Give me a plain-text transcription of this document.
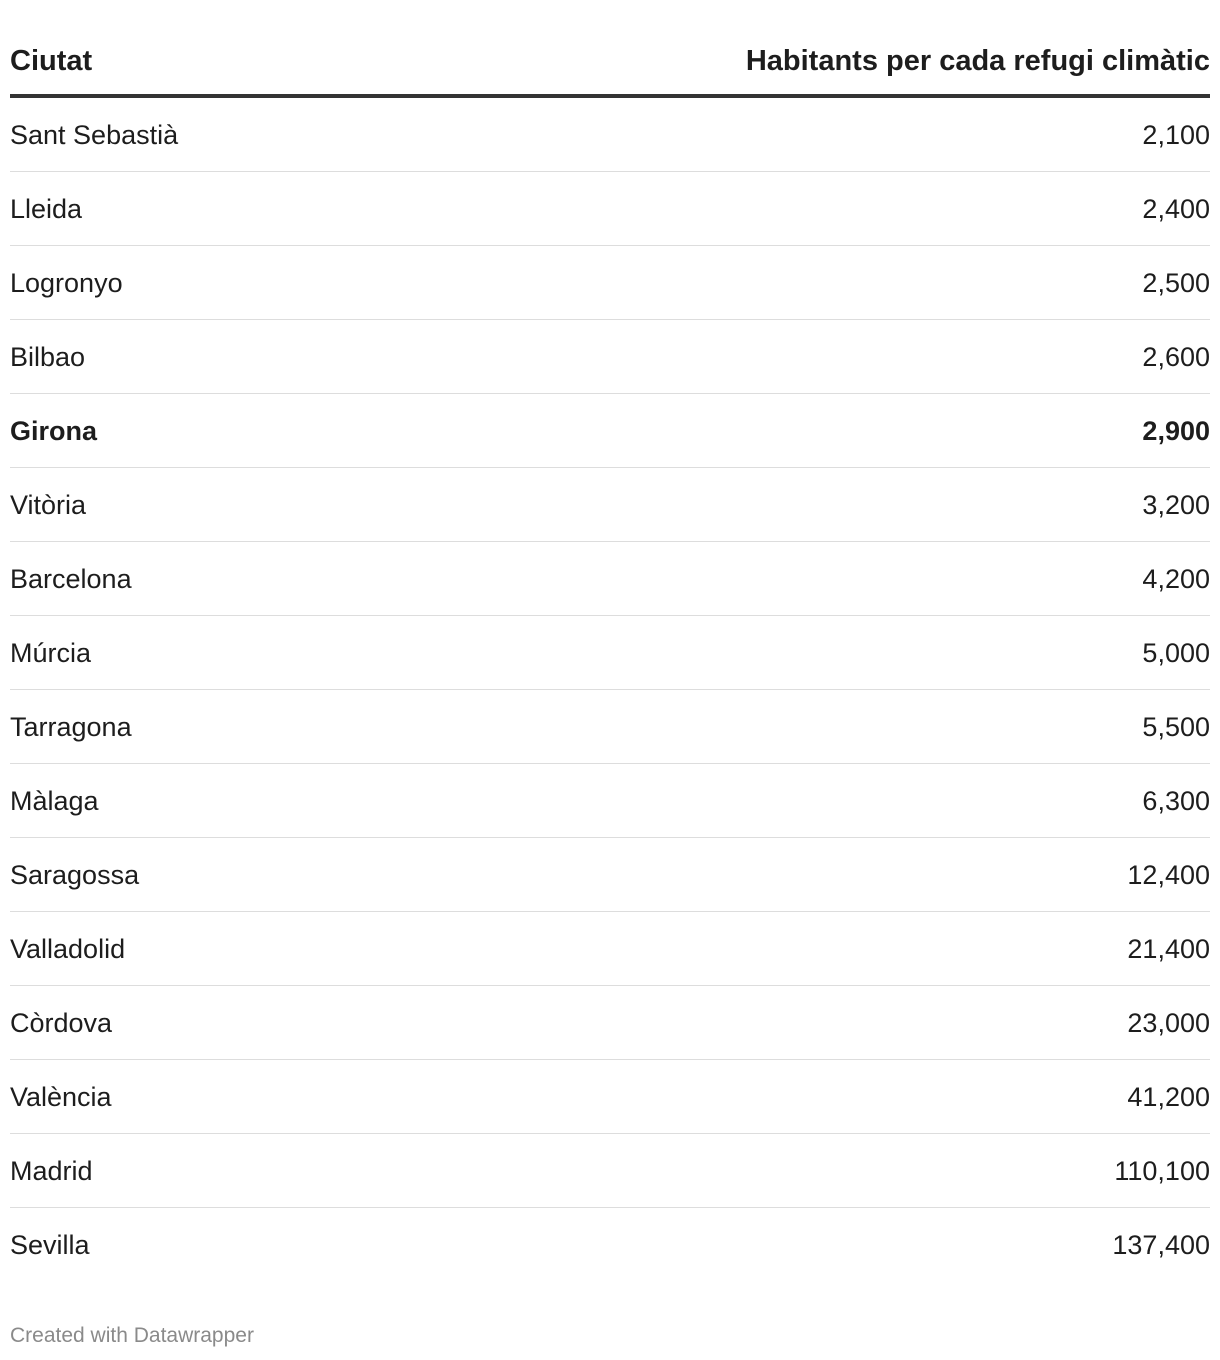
Ciutat	Habitants per cada refugi climàtic
Sant Sebastià	2,100
Lleida	2,400
Logronyo	2,500
Bilbao	2,600
Girona	2,900
Vitòria	3,200
Barcelona	4,200
Múrcia	5,000
Tarragona	5,500
Màlaga	6,300
Saragossa	12,400
Valladolid	21,400
Còrdova	23,000
València	41,200
Madrid	110,100
Sevilla	137,400
Created with Datawrapper
